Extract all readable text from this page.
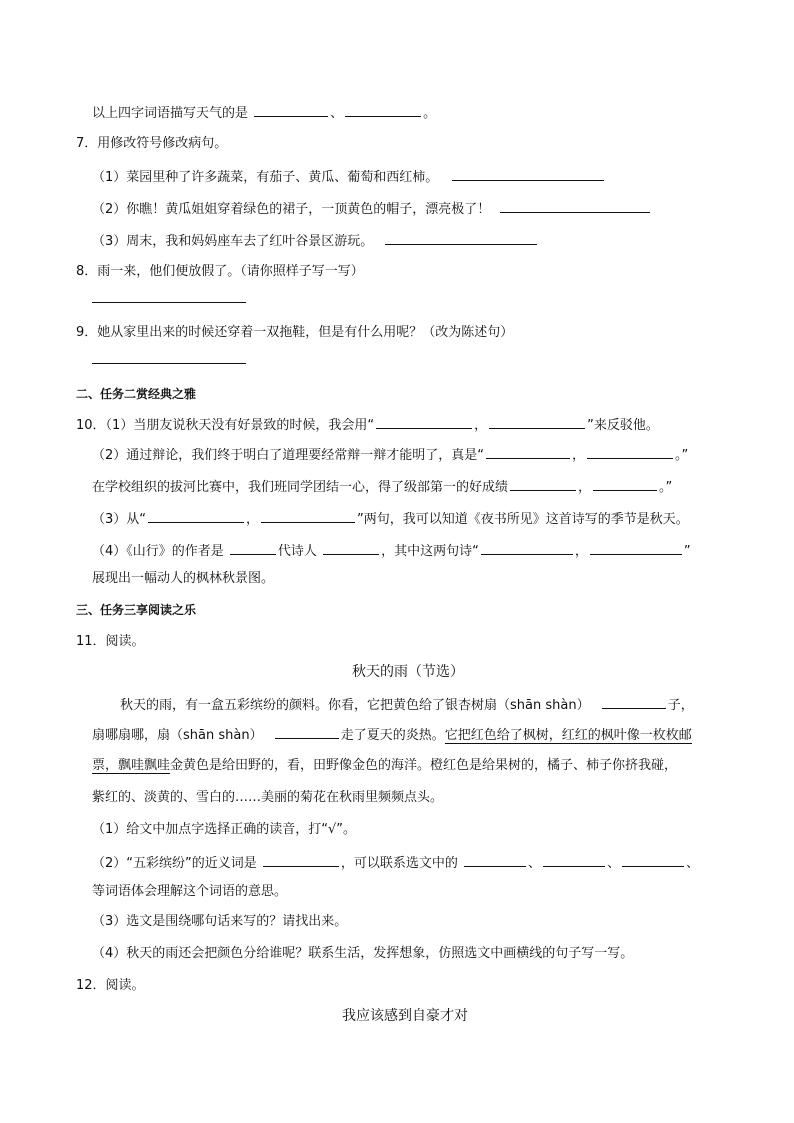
以上四字词语描写天气的是	、	。
7．用修改符号修改病句。
（1）菜园里种了许多蔬菜，有茄子、黄瓜、葡萄和西红柿。
（2）你瞧！黄瓜姐姐穿着绿色的裙子，一顶黄色的帽子，漂亮极了！
（3）周末，我和妈妈座车去了红叶谷景区游玩。
8．雨一来，他们便放假了。（请你照样子写一写）
9．她从家里出来的时候还穿着一双拖鞋，但是有什么用呢？（改为陈述句）
二、任务二赏经典之雅
10．（1）当朋友说秋天没有好景致的时候，我会用“	，	”来反驳他。
（2）通过辩论，我们终于明白了道理要经常辩一辩才能明了，真是“	，	。”
在学校组织的拔河比赛中，我们班同学团结一心，得了级部第一的好成绩	，	。”
（3）从“	，	”两句，我可以知道《夜书所见》这首诗写的季节是秋天。
（4）《山行》的作者是	代诗人	，其中这两句诗“	，	”
展现出一幅动人的枫林秋景图。
三、任务三享阅读之乐
11．阅读。
秋天的雨（节选）
秋天的雨，有一盒五彩缤纷的颜料。你看，它把黄色给了银杏树扇（shān shàn）	子，
扇哪扇哪，扇（shān shàn）	走了夏天的炎热。它把红色给了枫树，红红的枫叶像一枚枚邮
票，飘哇飘哇金黄色是给田野的，看，田野像金色的海洋。橙红色是给果树的，橘子、柿子你挤我碰，
紫红的、淡黄的、雪白的……美丽的菊花在秋雨里频频点头。
（1）给文中加点字选择正确的读音，打“√”。
（2）“五彩缤纷”的近义词是	，可以联系选文中的	、	、	、
等词语体会理解这个词语的意思。
（3）选文是围绕哪句话来写的？请找出来。
（4）秋天的雨还会把颜色分给谁呢？联系生活，发挥想象，仿照选文中画横线的句子写一写。
12．阅读。
我应该感到自豪才对
